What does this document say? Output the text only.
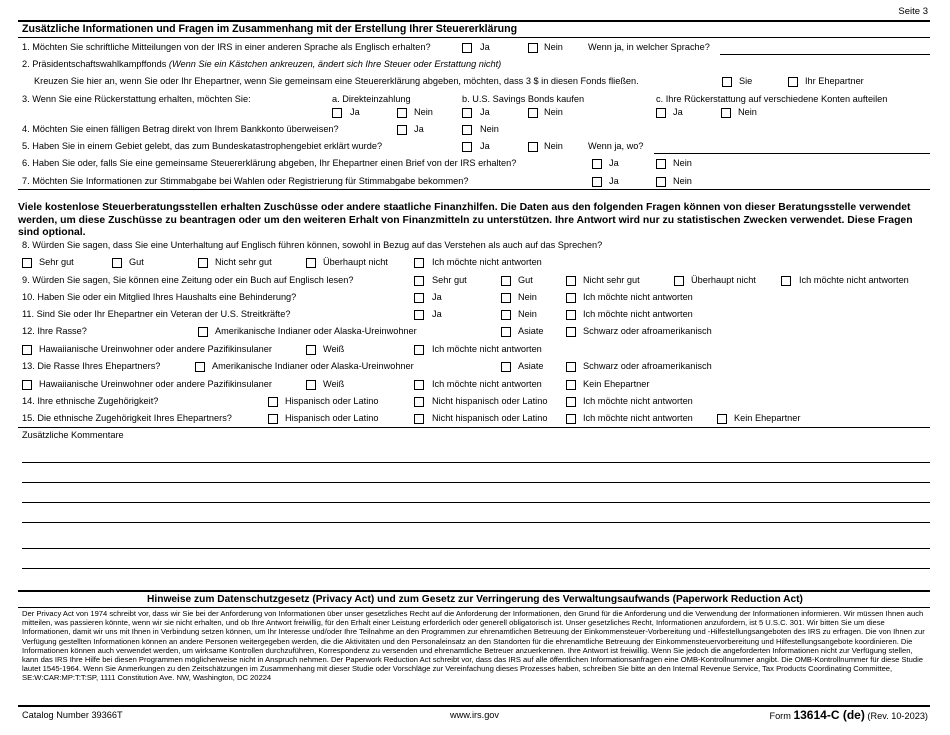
Seite 3
Zusätzliche Informationen und Fragen im Zusammenhang mit der Erstellung Ihrer Steuererklärung
1. Möchten Sie schriftliche Mitteilungen von der IRS in einer anderen Sprache als Englisch erhalten?	Ja	Nein	Wenn ja, in welcher Sprache?
2. Präsidentschaftswahlkampffonds (Wenn Sie ein Kästchen ankreuzen, ändert sich Ihre Steuer oder Erstattung nicht)
Kreuzen Sie hier an, wenn Sie oder Ihr Ehepartner, wenn Sie gemeinsam eine Steuererklärung abgeben, möchten, dass 3 $ in diesen Fonds fließen.	Sie	Ihr Ehepartner
3. Wenn Sie eine Rückerstattung erhalten, möchten Sie:	a. Direkteinzahlung	b. U.S. Savings Bonds kaufen	c. Ihre Rückerstattung auf verschiedene Konten aufteilen
Ja	Nein	Ja	Nein	Ja	Nein
4. Möchten Sie einen fälligen Betrag direkt von Ihrem Bankkonto überweisen?	Ja	Nein
5. Haben Sie in einem Gebiet gelebt, das zum Bundeskatastrophengebiet erklärt wurde?	Ja	Nein	Wenn ja, wo?
6. Haben Sie oder, falls Sie eine gemeinsame Steuererklärung abgeben, Ihr Ehepartner einen Brief von der IRS erhalten?	Ja	Nein
7. Möchten Sie Informationen zur Stimmabgabe bei Wahlen oder Registrierung für Stimmabgabe bekommen?	Ja	Nein
Viele kostenlose Steuerberatungsstellen erhalten Zuschüsse oder andere staatliche Finanzhilfen. Die Daten aus den folgenden Fragen können von dieser Beratungsstelle verwendet werden, um diese Zuschüsse zu beantragen oder um den weiteren Erhalt von Finanzmitteln zu unterstützen. Ihre Antwort wird nur zu statistischen Zwecken verwendet. Diese Fragen sind optional.
8. Würden Sie sagen, dass Sie eine Unterhaltung auf Englisch führen können, sowohl in Bezug auf das Verstehen als auch auf das Sprechen?
Sehr gut	Gut	Nicht sehr gut	Überhaupt nicht	Ich möchte nicht antworten
9. Würden Sie sagen, Sie können eine Zeitung oder ein Buch auf Englisch lesen?	Sehr gut	Gut	Nicht sehr gut	Überhaupt nicht	Ich möchte nicht antworten
10. Haben Sie oder ein Mitglied Ihres Haushalts eine Behinderung?	Ja	Nein	Ich möchte nicht antworten
11. Sind Sie oder Ihr Ehepartner ein Veteran der U.S. Streitkräfte?	Ja	Nein	Ich möchte nicht antworten
12. Ihre Rasse?	Amerikanische Indianer oder Alaska-Ureinwohner	Asiate	Schwarz oder afroamerikanisch
Hawaiianische Ureinwohner oder andere Pazifikinsulaner	Weiß	Ich möchte nicht antworten
13. Die Rasse Ihres Ehepartners?	Amerikanische Indianer oder Alaska-Ureinwohner	Asiate	Schwarz oder afroamerikanisch
Hawaiianische Ureinwohner oder andere Pazifikinsulaner	Weiß	Ich möchte nicht antworten	Kein Ehepartner
14. Ihre ethnische Zugehörigkeit?	Hispanisch oder Latino	Nicht hispanisch oder Latino	Ich möchte nicht antworten
15. Die ethnische Zugehörigkeit Ihres Ehepartners?	Hispanisch oder Latino	Nicht hispanisch oder Latino	Ich möchte nicht antworten	Kein Ehepartner
Zusätzliche Kommentare
Hinweise zum Datenschutzgesetz (Privacy Act) und zum Gesetz zur Verringerung des Verwaltungsaufwands (Paperwork Reduction Act)
Der Privacy Act von 1974 schreibt vor, dass wir Sie bei der Anforderung von Informationen über unser gesetzliches Recht auf die Anforderung der Informationen, den Grund für die Anforderung und die Verwendung der Informationen informieren. Wir müssen Ihnen auch mitteilen, was passieren könnte, wenn wir sie nicht erhalten, und ob Ihre Antwort freiwillig, für den Erhalt einer Leistung erforderlich oder generell obligatorisch ist. Unser gesetzliches Recht, Informationen anzufordern, ist 5 U.S.C. 301. Wir bitten Sie um diese Informationen, damit wir uns mit Ihnen in Verbindung setzen können, um Ihr Interesse und/oder Ihre Teilnahme an den Programmen zur ehrenamtlichen Betreuung der Einkommensteuer-Vorbereitung und -Hilfestellungsangeboten des IRS zu erfragen. Die von Ihnen zur Verfügung gestellten Informationen können an andere Personen weitergegeben werden, die die Aktivitäten und den Personaleinsatz an den Standorten für die ehrenamtliche Betreuung der Einkommensteuervorbereitung und Hilfestellungsangebote koordinieren. Die Informationen können auch verwendet werden, um wirksame Kontrollen durchzuführen, Korrespondenz zu versenden und ehrenamtliche Betreuer anzuerkennen. Ihre Antwort ist freiwillig. Wenn Sie jedoch die angeforderten Informationen nicht zur Verfügung stellen, kann das IRS Ihre Hilfe bei diesen Programmen möglicherweise nicht in Anspruch nehmen. Der Paperwork Reduction Act schreibt vor, dass das IRS auf alle öffentlichen Informationsanfragen eine OMB-Kontrollnummer angibt. Die OMB-Kontrollnummer für diese Studie lautet 1545-1964. Wenn Sie Anmerkungen zu den Zeitschätzungen im Zusammenhang mit dieser Studie oder Vorschläge zur Vereinfachung dieses Prozesses haben, schreiben Sie bitte an den Internal Revenue Service, Tax Products Coordinating Committee, SE:W:CAR:MP:T:T:SP, 1111 Constitution Ave. NW, Washington, DC 20224
Catalog Number 39366T	www.irs.gov	Form 13614-C (de) (Rev. 10-2023)
